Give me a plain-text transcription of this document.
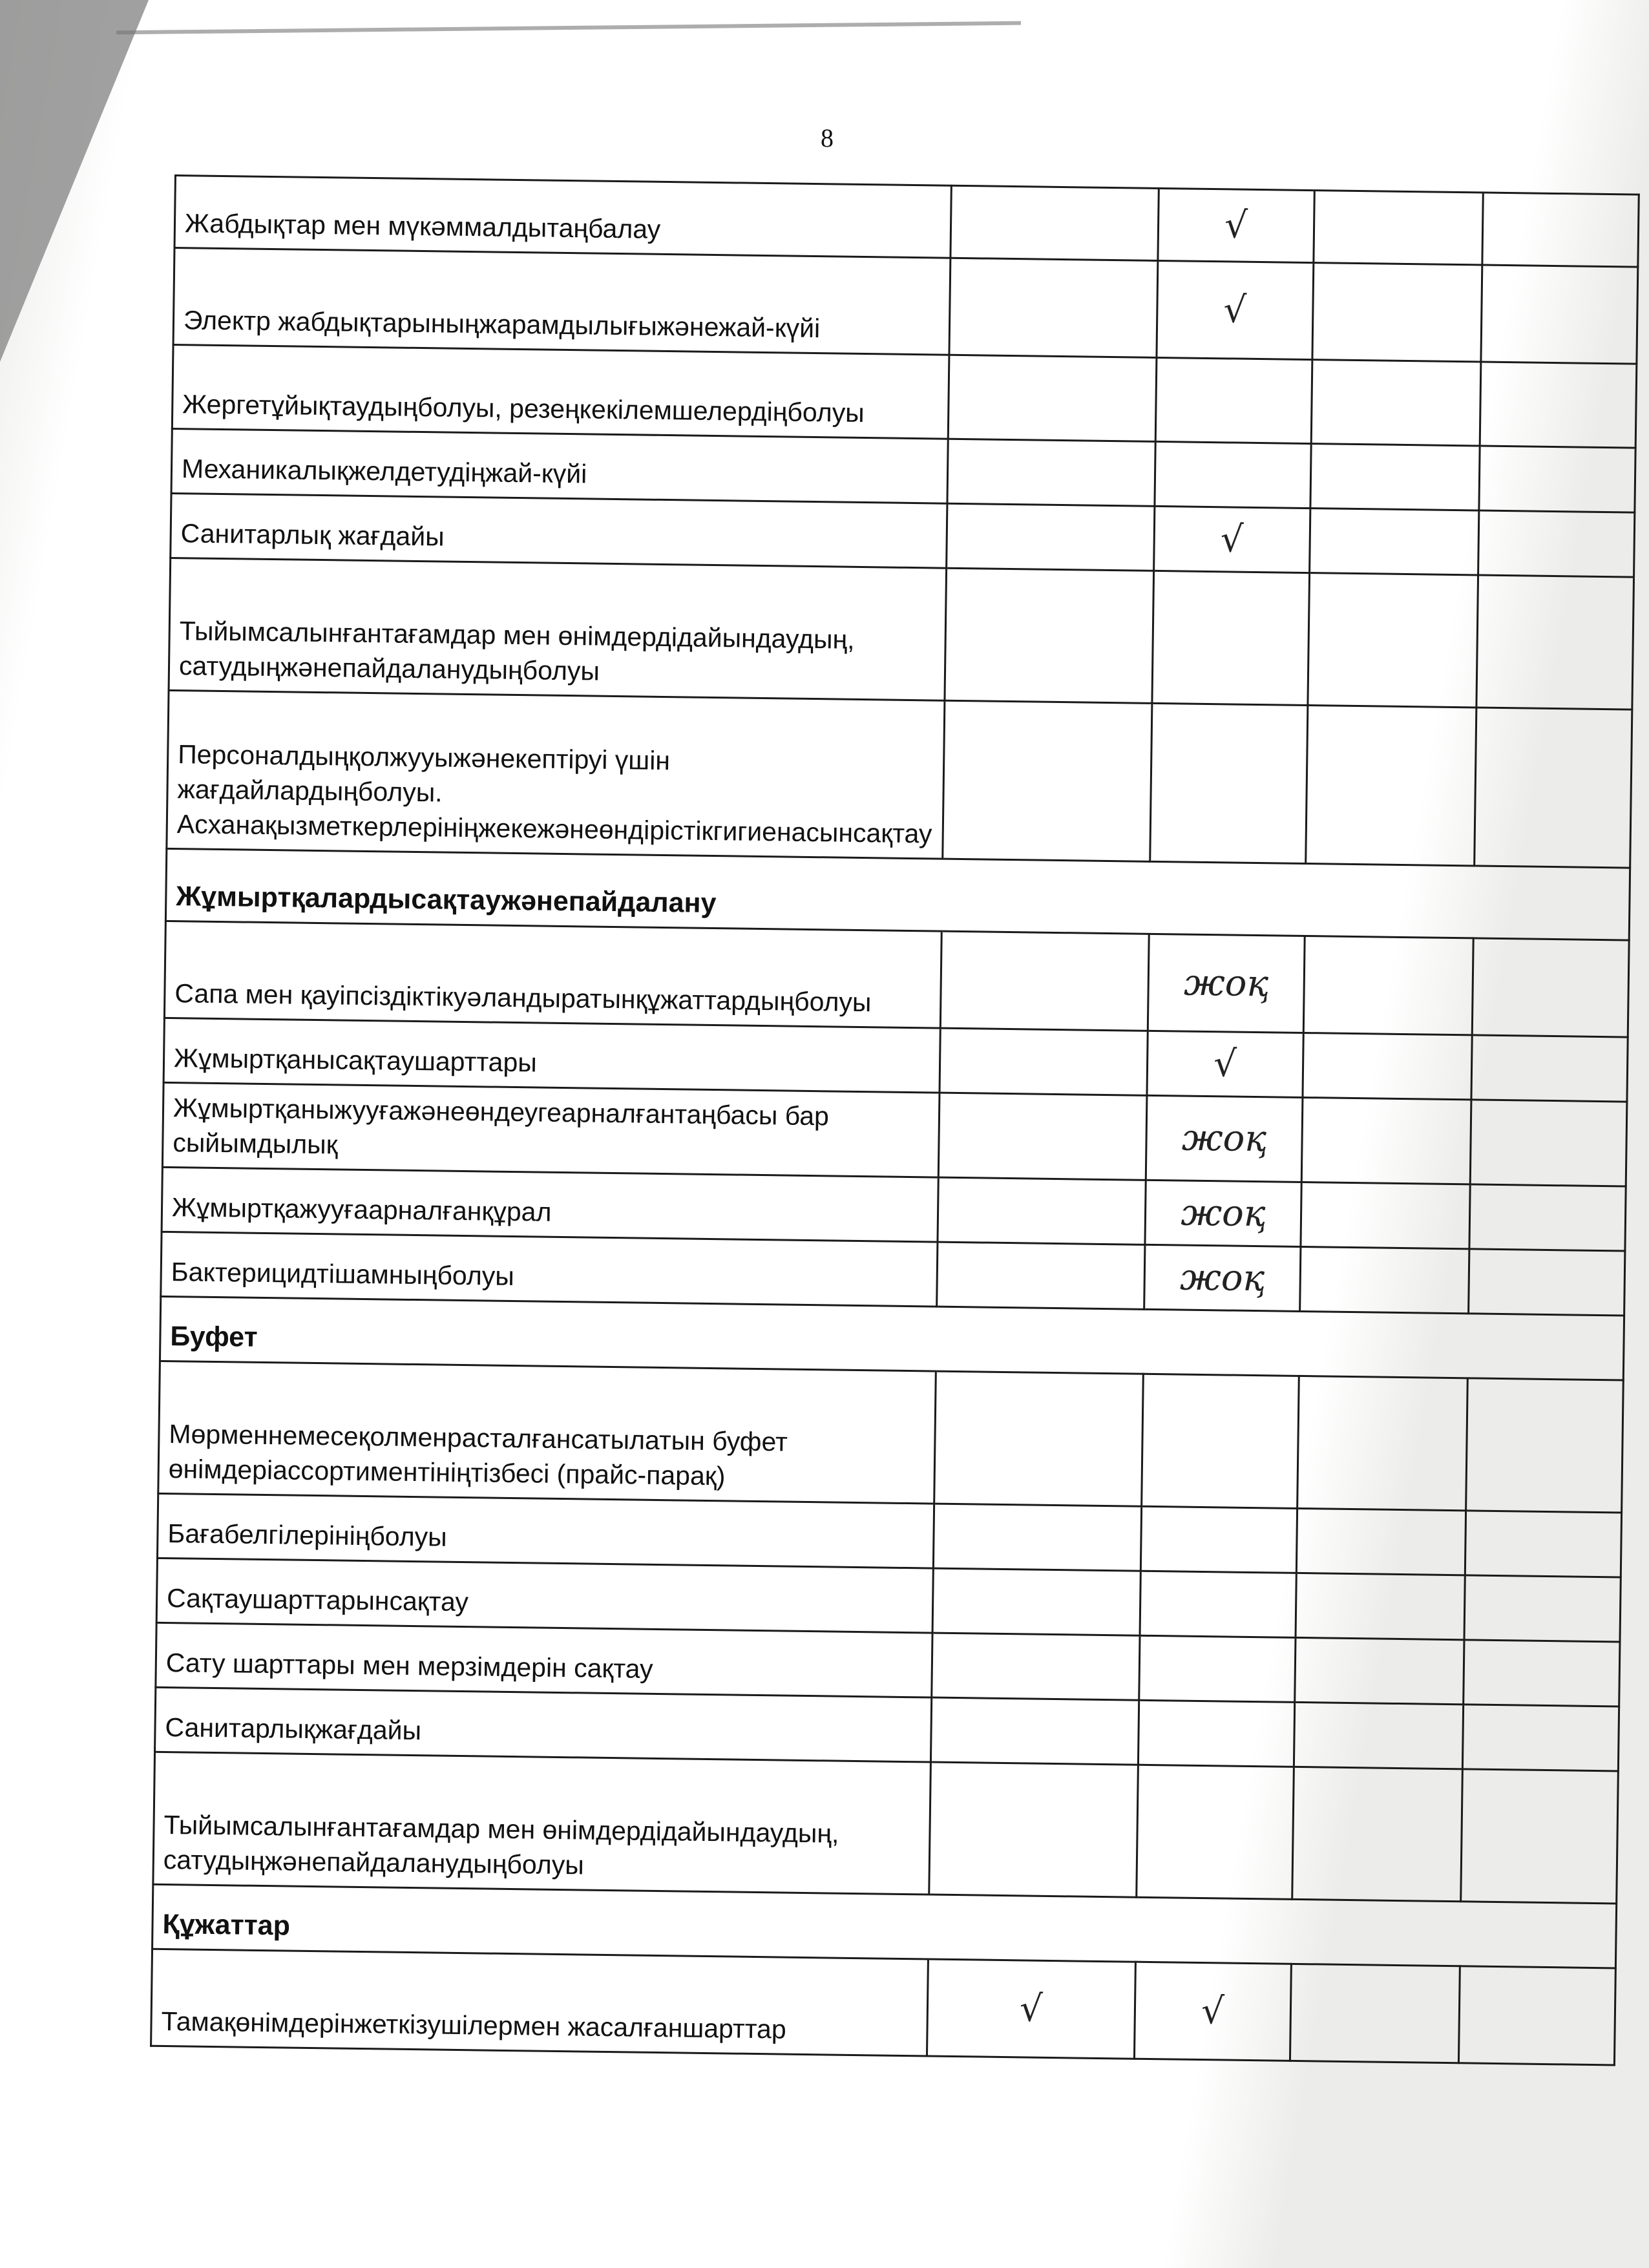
8
Жабдықтар мен мүкәммалдытаңбалау		√		
Электр жабдықтарыныңжарамдылығыжәнежай-күйі		√		
Жергетұйықтаудыңболуы, резеңкекілемшелердіңболуы				
Механикалықжелдетудіңжай-күйі				
Санитарлық жағдайы		√		
Тыйымсалынғантағамдар мен өнімдердідайындаудың, сатудыңжәнепайдаланудыңболуы				
Персоналдыңқолжууыжәнекептіруі үшін жағдайлардыңболуы. Асханақызметкерлерініңжекежәнеөндірістікгигиенасынсақтау				
Жұмыртқалардысақтаужәнепайдалану				
Сапа мен қауіпсіздіктікуәландыратынқұжаттардыңболуы		жоқ		
Жұмыртқанысақтаушарттары		√		
Жұмыртқаныжууғажәнеөндеугеарналғантаңбасы бар сыйымдылық		жоқ		
Жұмыртқажууғаарналғанқұрал		жоқ		
Бактерицидтішамныңболуы		жоқ		
Буфет				
Мөрменнемесеқолменрасталғансатылатын буфет өнімдеріассортиментініңтізбесі (прайс-парақ)				
Бағабелгілерініңболуы				
Сақтаушарттарынсақтау				
Сату шарттары мен мерзімдерін сақтау				
Санитарлықжағдайы				
Тыйымсалынғантағамдар мен өнімдердідайындаудың, сатудыңжәнепайдаланудыңболуы				
Құжаттар				
Тамақөнімдерінжеткізушілермен жасалғаншарттар	√	√		
